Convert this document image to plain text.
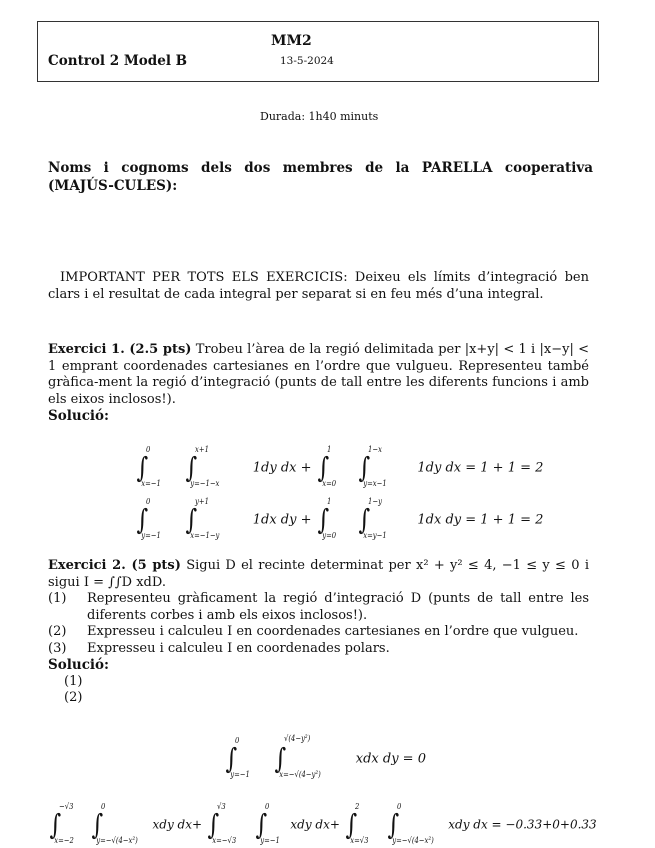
MM2
Control 2 Model B	13-5-2024
Durada: 1h40 minuts
Noms i cognoms dels dos membres de la PARELLA cooperativa (MAJÚS-CULES):
IMPORTANT PER TOTS ELS EXERCICIS: Deixeu els límits d’integració ben clars i el resultat de cada integral per separat si en feu més d’una integral.
Exercici 1. (2.5 pts) Trobeu l’àrea de la regió delimitada per |x+y| < 1 i |x−y| < 1 emprant coordenades cartesianes en l’ordre que vulgueu. Representeu també gràfica-ment la regió d’integració (punts de tall entre les diferents funcions i amb els eixos inclosos!).
Solució:
∫
0
x=−1 ∫
x+1
y=−1−x
1dy dx + ∫
1
x=0 ∫
1−x
y=x−1
1dy dx = 1 + 1 = 2
∫
0
y=−1 ∫
y+1
x=−1−y
1dx dy + ∫
1
y=0 ∫
1−y
x=y−1
1dx dy = 1 + 1 = 2
Exercici 2. (5 pts) Sigui D el recinte determinat per x² + y² ≤ 4, −1 ≤ y ≤ 0 i sigui I = ∫∫D xdD.
(1) Representeu gràficament la regió d’integració D (punts de tall entre les diferents corbes i amb els eixos inclosos!).
(2) Expresseu i calculeu I en coordenades cartesianes en l’ordre que vulgueu.
(3) Expresseu i calculeu I en coordenades polars.
Solució:
(1)
(2)
∫
0
y=−1 ∫
√(4−y²)
x=−√(4−y²)
xdx dy = 0
∫
−√3
x=−2 ∫
0
y=−√(4−x²)
xdy dx+ ∫
√3
x=−√3 ∫
0
y=−1
xdy dx+ ∫
2
x=√3 ∫
0
y=−√(4−x²)
xdy dx = −0.33+0+0.33
